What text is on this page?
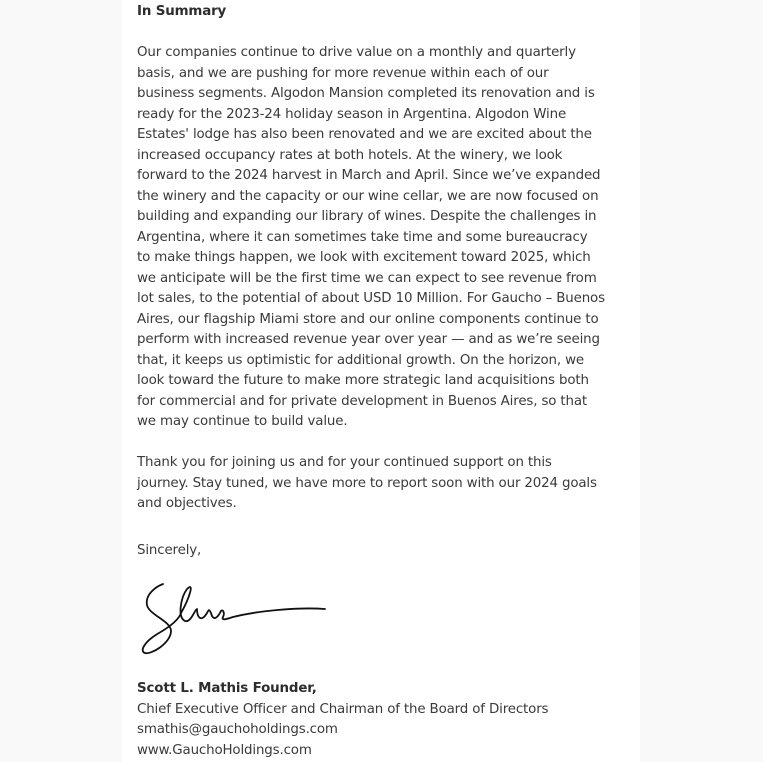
In Summary
Our companies continue to drive value on a monthly and quarterly
basis, and we are pushing for more revenue within each of our
business segments. Algodon Mansion completed its renovation and is
ready for the 2023-24 holiday season in Argentina. Algodon Wine
Estates' lodge has also been renovated and we are excited about the
increased occupancy rates at both hotels. At the winery, we look
forward to the 2024 harvest in March and April. Since we’ve expanded
the winery and the capacity or our wine cellar, we are now focused on
building and expanding our library of wines. Despite the challenges in
Argentina, where it can sometimes take time and some bureaucracy
to make things happen, we look with excitement toward 2025, which
we anticipate will be the first time we can expect to see revenue from
lot sales, to the potential of about USD 10 Million. For Gaucho – Buenos
Aires, our flagship Miami store and our online components continue to
perform with increased revenue year over year — and as we’re seeing
that, it keeps us optimistic for additional growth. On the horizon, we
look toward the future to make more strategic land acquisitions both
for commercial and for private development in Buenos Aires, so that
we may continue to build value.
Thank you for joining us and for your continued support on this
journey. Stay tuned, we have more to report soon with our 2024 goals
and objectives.
Sincerely,
Scott L. Mathis Founder,
Chief Executive Officer and Chairman of the Board of Directors
smathis@gauchoholdings.com
www.GauchoHoldings.com
